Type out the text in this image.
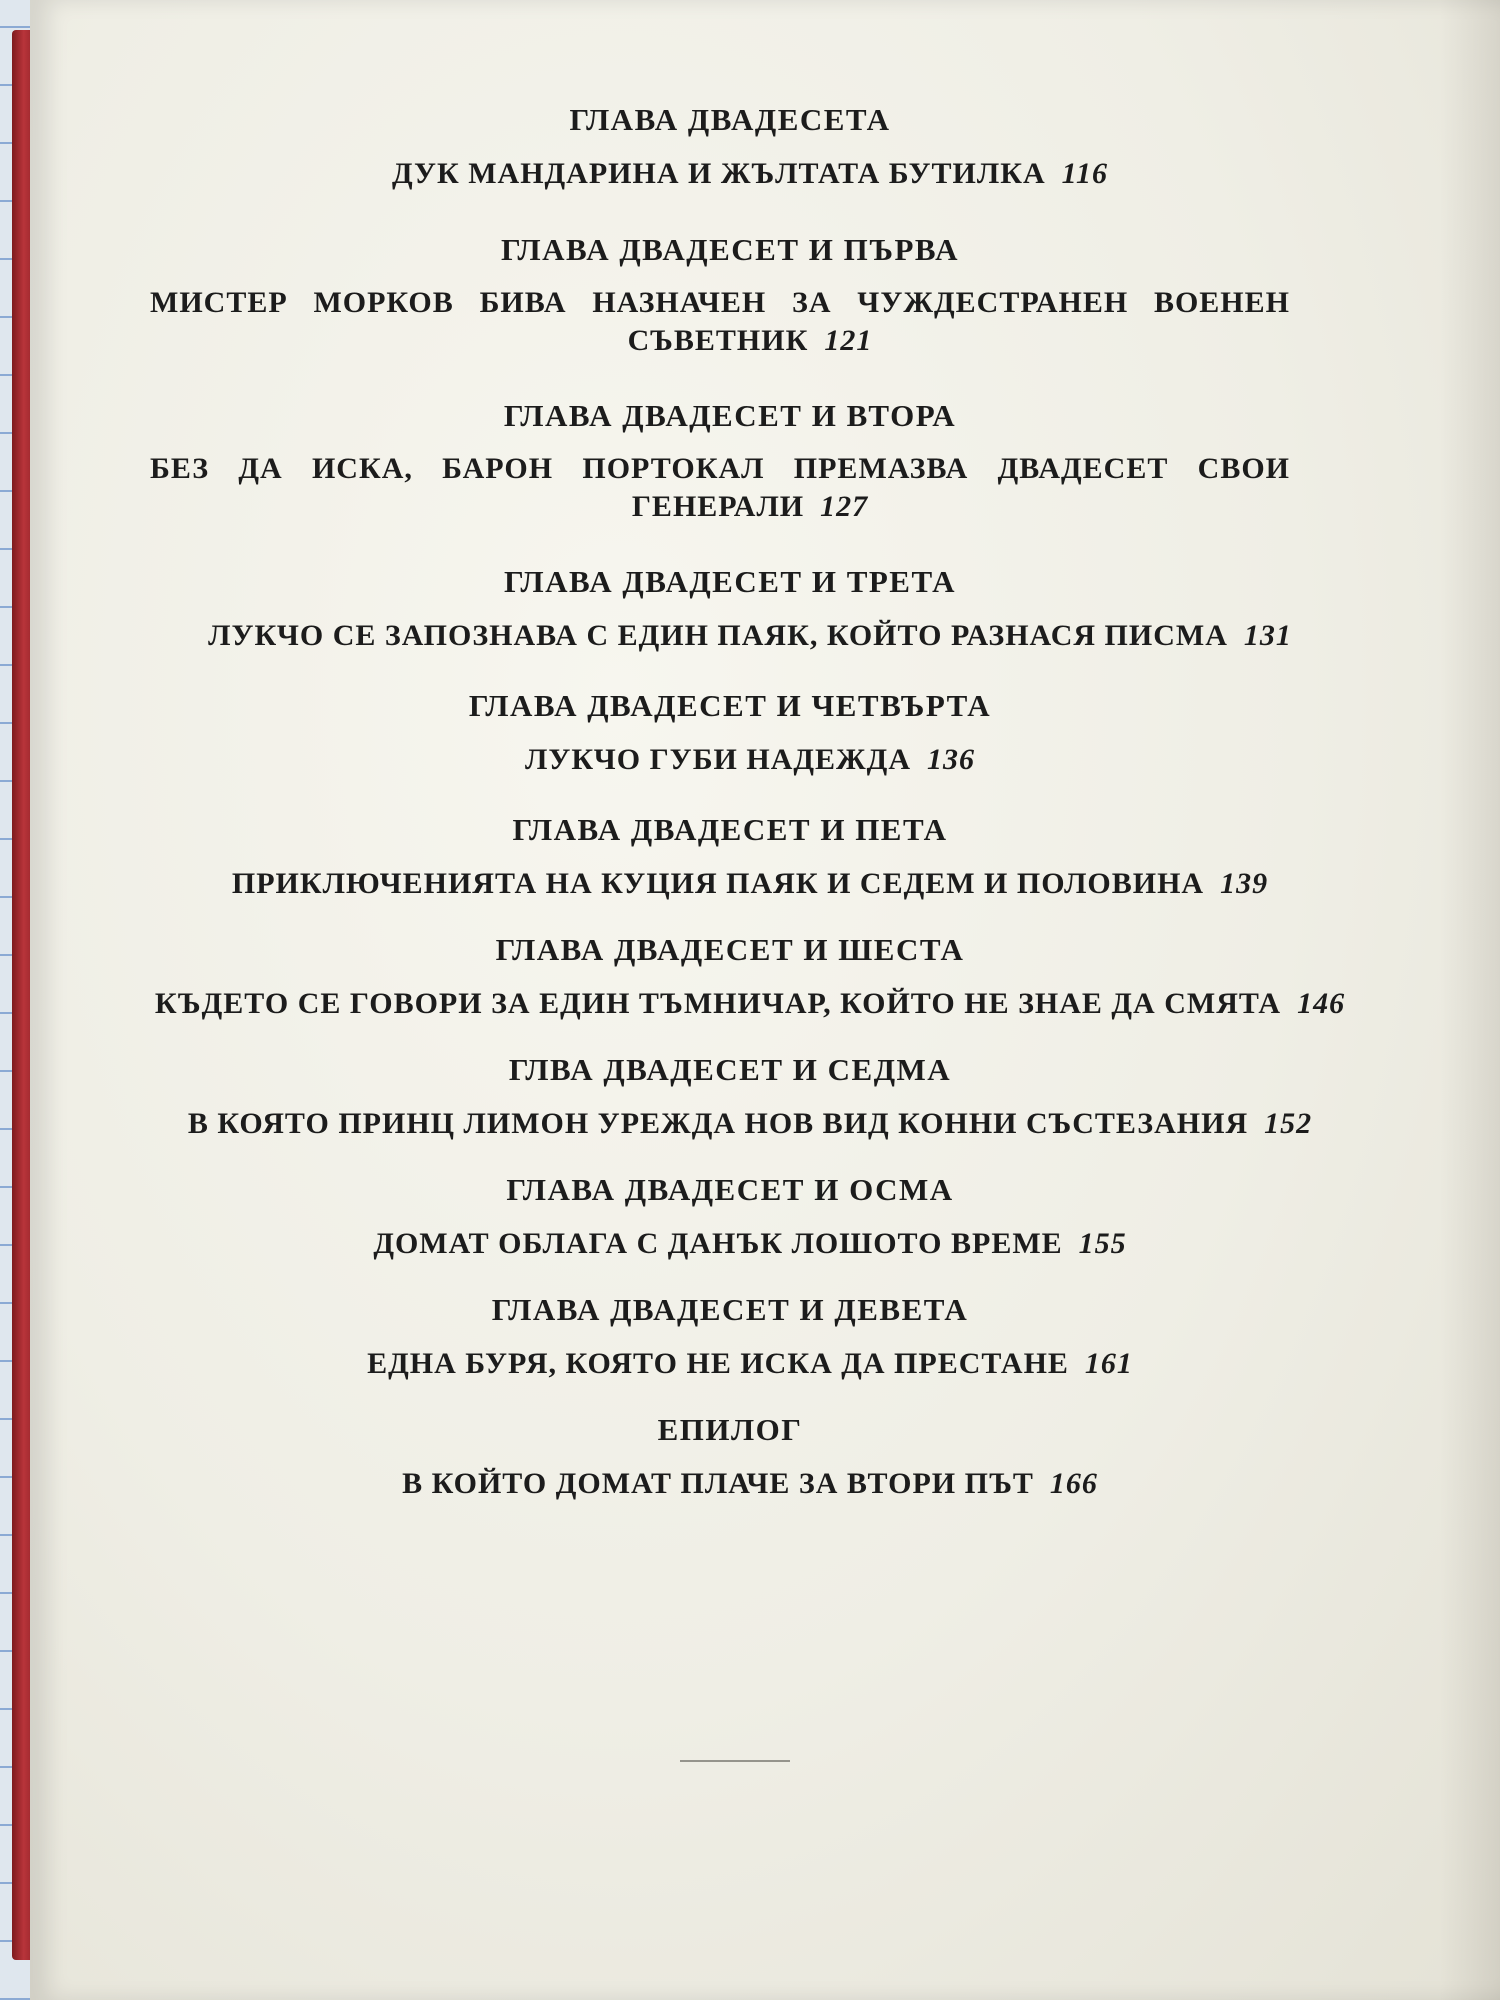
ГЛАВА ДВАДЕСЕТА
ДУК МАНДАРИНА И ЖЪЛТАТА БУТИЛКА 116
ГЛАВА ДВАДЕСЕТ И ПЪРВА
МИСТЕР МОРКОВ БИВА НАЗНАЧЕН ЗА ЧУЖДЕСТРАНЕН ВОЕНЕН
СЪВЕТНИК 121
ГЛАВА ДВАДЕСЕТ И ВТОРА
БЕЗ ДА ИСКА, БАРОН ПОРТОКАЛ ПРЕМАЗВА ДВАДЕСЕТ СВОИ
ГЕНЕРАЛИ 127
ГЛАВА ДВАДЕСЕТ И ТРЕТА
ЛУКЧО СЕ ЗАПОЗНАВА С ЕДИН ПАЯК, КОЙТО РАЗНАСЯ ПИСМА 131
ГЛАВА ДВАДЕСЕТ И ЧЕТВЪРТА
ЛУКЧО ГУБИ НАДЕЖДА 136
ГЛАВА ДВАДЕСЕТ И ПЕТА
ПРИКЛЮЧЕНИЯТА НА КУЦИЯ ПАЯК И СЕДЕМ И ПОЛОВИНА 139
ГЛАВА ДВАДЕСЕТ И ШЕСТА
КЪДЕТО СЕ ГОВОРИ ЗА ЕДИН ТЪМНИЧАР, КОЙТО НЕ ЗНАЕ ДА СМЯТА 146
ГЛВА ДВАДЕСЕТ И СЕДМА
В КОЯТО ПРИНЦ ЛИМОН УРЕЖДА НОВ ВИД КОННИ СЪСТЕЗАНИЯ 152
ГЛАВА ДВАДЕСЕТ И ОСМА
ДОМАТ ОБЛАГА С ДАНЪК ЛОШОТО ВРЕМЕ 155
ГЛАВА ДВАДЕСЕТ И ДЕВЕТА
ЕДНА БУРЯ, КОЯТО НЕ ИСКА ДА ПРЕСТАНЕ 161
ЕПИЛОГ
В КОЙТО ДОМАТ ПЛАЧЕ ЗА ВТОРИ ПЪТ 166
